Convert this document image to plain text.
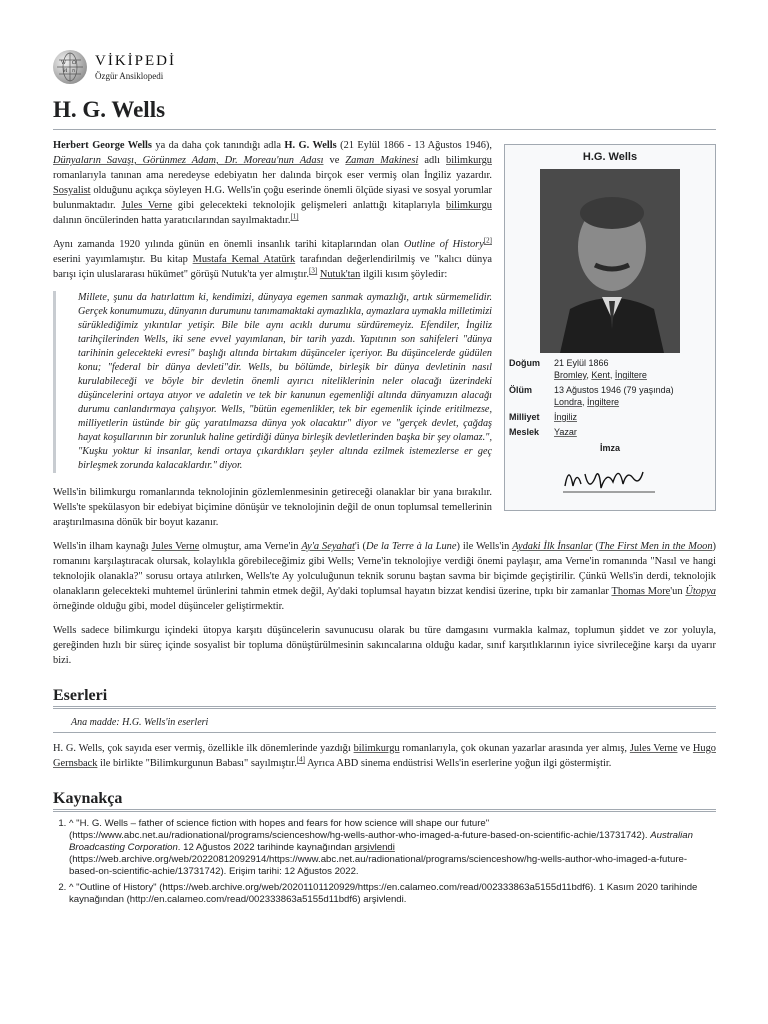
W Ω
И ก
VİKİPEDİ
Özgür Ansiklopedi
H. G. Wells
H.G. Wells
Doğum	21 Eylül 1866
Bromley, Kent, İngiltere
Ölüm	13 Ağustos 1946 (79 yaşında)
Londra, İngiltere
Milliyet	İngiliz
Meslek	Yazar
İmza

Herbert George Wells ya da daha çok tanındığı adla H. G. Wells (21 Eylül 1866 - 13 Ağustos 1946), Dünyaların Savaşı, Görünmez Adam, Dr. Moreau'nun Adası ve Zaman Makinesi adlı bilimkurgu romanlarıyla tanınan ama neredeyse edebiyatın her dalında birçok eser vermiş olan İngiliz yazardır. Sosyalist olduğunu açıkça söyleyen H.G. Wells'in çoğu eserinde önemli ölçüde siyasi ve sosyal yorumlar bulunmaktadır. Jules Verne gibi gelecekteki teknolojik gelişmeleri anlattığı kitaplarıyla bilimkurgu dalının öncülerinden hatta yaratıcılarından sayılmaktadır.[1]

Aynı zamanda 1920 yılında günün en önemli insanlık tarihi kitaplarından olan Outline of History[2] eserini yayımlamıştır. Bu kitap Mustafa Kemal Atatürk tarafından değerlendirilmiş ve "kalıcı dünya barışı için uluslararası hükûmet" görüşü Nutuk'ta yer almıştır.[3] Nutuk'tan ilgili kısım şöyledir:

Millete, şunu da hatırlattım ki, kendimizi, dünyaya egemen sanmak aymazlığı, artık sürmemelidir. Gerçek konumumuzu, dünyanın durumunu tanımamaktaki aymazlıkla, aymazlara uymakla milletimizi sürüklediğimiz yıkıntılar yetişir. Bile bile aynı acıklı durumu sürdüremeyiz. Efendiler, İngiliz tarihçilerinden Wells, iki sene evvel yayımlanan, bir tarih yazdı. Yapıtının son sahifeleri "dünya tarihinin gelecekteki evresi" başlığı altında birtakım düşünceler içeriyor. Bu düşüncelerde güdülen konu; "federal bir dünya devleti"dir. Wells, bu bölümde, birleşik bir dünya devletinin nasıl kurulabileceği ve böyle bir devletin önemli ayırıcı niteliklerinin neler olacağı üzerindeki düşüncelerini ortaya atıyor ve adaletin ve tek bir kanunun egemenliği altında dünyamızın alacağı durumu canlandırmaya çalışıyor. Wells, "bütün egemenlikler, tek bir egemenlik içinde eritilmezse, milliyetlerin üstünde bir güç yaratılmazsa dünya yok olacaktır" diyor ve "gerçek devlet, çağdaş hayat koşullarının bir zorunluk haline getirdiği dünya birleşik devletlerinden başka bir şey olamaz.", "Kuşku yoktur ki insanlar, kendi ortaya çıkardıkları şeyler altında ezilmek istemezlerse er geç birleşmek zorunda kalacaklardır." diyor.

Wells'in bilimkurgu romanlarında teknolojinin gözlemlenmesinin getireceği olanaklar bir yana bırakılır. Wells'te spekülasyon bir edebiyat biçimine dönüşür ve teknolojinin değil de onun toplumsal temellerinin araştırılmasına dönük bir boyut kazanır.

Wells'in ilham kaynağı Jules Verne olmuştur, ama Verne'in Ay'a Seyahat'i (De la Terre à la Lune) ile Wells'in Aydaki İlk İnsanlar (The First Men in the Moon) romanını karşılaştıracak olursak, kolaylıkla görebileceğimiz gibi Wells; Verne'in teknolojiye verdiği önemi paylaşır, ama Verne'in romanında "Nasıl ve hangi teknolojik olanakla?" sorusu ortaya atılırken, Wells'te Ay yolculuğunun teknik sorunu baştan savma bir biçimde geçiştirilir. Çünkü Wells'in derdi, teknolojik olanakların gelecekteki muhtemel ürünlerini tahmin etmek değil, Ay'daki toplumsal hayatın bizzat kendisi üzerine, tıpkı bir zamanlar Thomas More'un Ütopya örneğinde olduğu gibi, model düşünceler geliştirmektir.

Wells sadece bilimkurgu içindeki ütopya karşıtı düşüncelerin savunucusu olarak bu türe damgasını vurmakla kalmaz, toplumun şiddet ve zor yoluyla, gereğinden hızlı bir süreç içinde sosyalist bir topluma dönüştürülmesinin sakıncalarına olduğu kadar, sınıf karşıtlıklarının iyice sivrileceğine karşı da uyarır bizi.

Eserleri
Ana madde: H.G. Wells'in eserleri

H. G. Wells, çok sayıda eser vermiş, özellikle ilk dönemlerinde yazdığı bilimkurgu romanlarıyla, çok okunan yazarlar arasında yer almış, Jules Verne ve Hugo Gernsback ile birlikte "Bilimkurgunun Babası" sayılmıştır.[4] Ayrıca ABD sinema endüstrisi Wells'in eserlerine yoğun ilgi göstermiştir.

Kaynakça
1. ^ "H. G. Wells – father of science fiction with hopes and fears for how science will shape our future" (https://www.abc.net.au/radionational/programs/scienceshow/hg-wells-author-who-imaged-a-future-based-on-scientific-achie/13731742). Australian Broadcasting Corporation. 12 Ağustos 2022 tarihinde kaynağından arşivlendi (https://web.archive.org/web/20220812092914/https://www.abc.net.au/radionational/programs/scienceshow/hg-wells-author-who-imaged-a-future-based-on-scientific-achie/13731742). Erişim tarihi: 12 Ağustos 2022.
2. ^ "Outline of History" (https://web.archive.org/web/20201101120929/https://en.calameo.com/read/002333863a5155d11bdf6). 1 Kasım 2020 tarihinde kaynağından (http://en.calameo.com/read/002333863a5155d11bdf6) arşivlendi.
